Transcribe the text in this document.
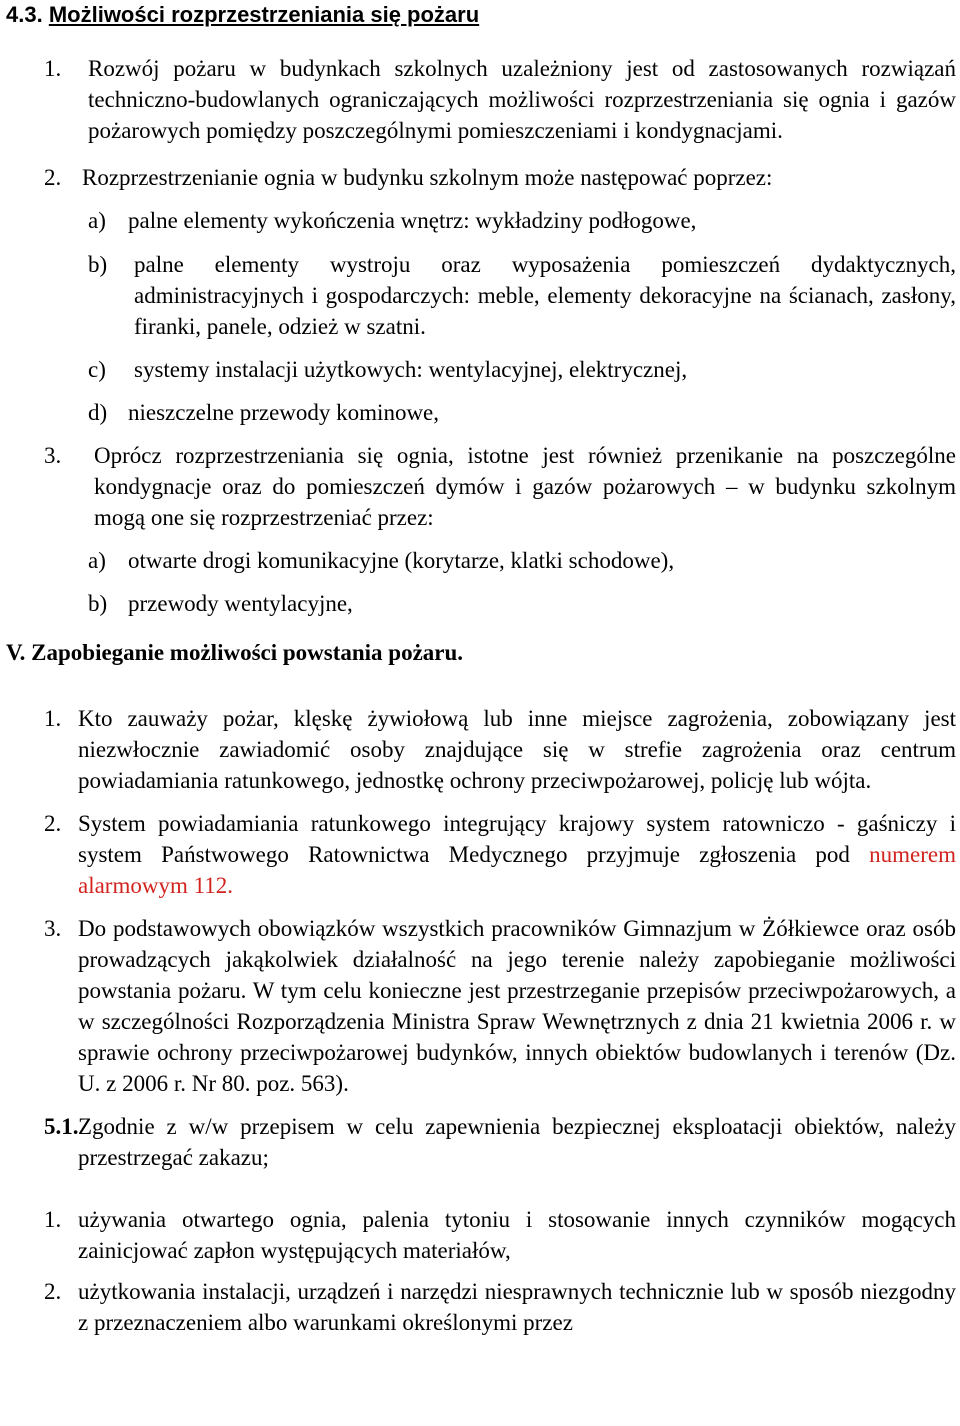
4.3. Możliwości rozprzestrzeniania się pożaru

1. Rozwój pożaru w budynkach szkolnych uzależniony jest od zastosowanych rozwiązań techniczno-budowlanych ograniczających możliwości rozprzestrzeniania się ognia i gazów pożarowych pomiędzy poszczególnymi pomieszczeniami i kondygnacjami.

2. Rozprzestrzenianie ognia w budynku szkolnym może następować poprzez:

a) palne elementy wykończenia wnętrz: wykładziny podłogowe,

b) palne elementy wystroju oraz wyposażenia pomieszczeń dydaktycznych, administracyjnych i gospodarczych: meble, elementy dekoracyjne na ścianach, zasłony, firanki, panele, odzież w szatni.

c) systemy instalacji użytkowych: wentylacyjnej, elektrycznej,

d) nieszczelne przewody kominowe,

3. Oprócz rozprzestrzeniania się ognia, istotne jest również przenikanie na poszczególne kondygnacje oraz do pomieszczeń dymów i gazów pożarowych – w budynku szkolnym mogą one się rozprzestrzeniać przez:

a) otwarte drogi komunikacyjne (korytarze, klatki schodowe),

b) przewody wentylacyjne,

V. Zapobieganie możliwości powstania pożaru.

1. Kto zauważy pożar, klęskę żywiołową lub inne miejsce zagrożenia, zobowiązany jest niezwłocznie zawiadomić osoby znajdujące się w strefie zagrożenia oraz centrum powiadamiania ratunkowego, jednostkę ochrony przeciwpożarowej, policję lub wójta.

2. System powiadamiania ratunkowego integrujący krajowy system ratowniczo - gaśniczy i system Państwowego Ratownictwa Medycznego przyjmuje zgłoszenia pod numerem alarmowym 112.

3. Do podstawowych obowiązków wszystkich pracowników Gimnazjum w Żółkiewce oraz osób prowadzących jakąkolwiek działalność na jego terenie należy zapobieganie możliwości powstania pożaru. W tym celu konieczne jest przestrzeganie przepisów przeciwpożarowych, a w szczególności Rozporządzenia Ministra Spraw Wewnętrznych z dnia 21 kwietnia 2006 r. w sprawie ochrony przeciwpożarowej budynków, innych obiektów budowlanych i terenów (Dz. U. z 2006 r. Nr 80. poz. 563).

5.1. Zgodnie z w/w przepisem w celu zapewnienia bezpiecznej eksploatacji obiektów, należy przestrzegać zakazu;

1. używania otwartego ognia, palenia tytoniu i stosowanie innych czynników mogących zainicjować zapłon występujących materiałów,

2. użytkowania instalacji, urządzeń i narzędzi niesprawnych technicznie lub w sposób niezgodny z przeznaczeniem albo warunkami określonymi przez
